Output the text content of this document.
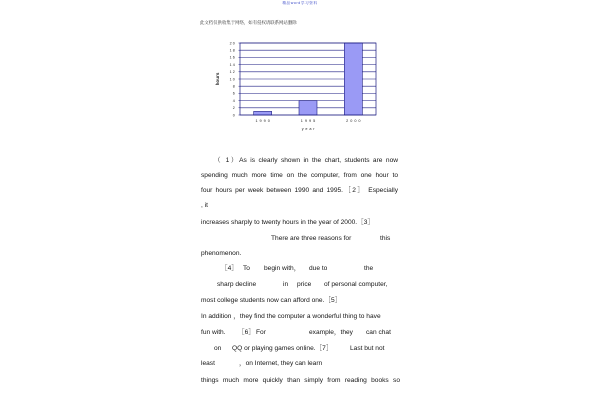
精品word学习资料
此文档仅供收集于网络，如有侵权请联系网站删除
0
2
4
6
8
10
12
14
16
18
20
1990	1995	2000
year
hours
（ 1）As is clearly shown in the chart, students are now
spending much more time on the computer, from one hour to
four hours per week between 1990 and 1995.［2］ Especially
, it
increases sharply to twenty hours in the year of 2000.［3］
There are three reasons for	this
phenomenon.
［4］ To begin with， due to	the
sharp decline	in price of personal computer,
most college students now can afford one.［5］
In addition ，they find the computer a wonderful thing to have
fun with. ［6］ For	example，they can chat
on QQ or playing games online.［7］	Last but not
least	，on Internet, they can learn
things much more quickly than simply from reading books so
